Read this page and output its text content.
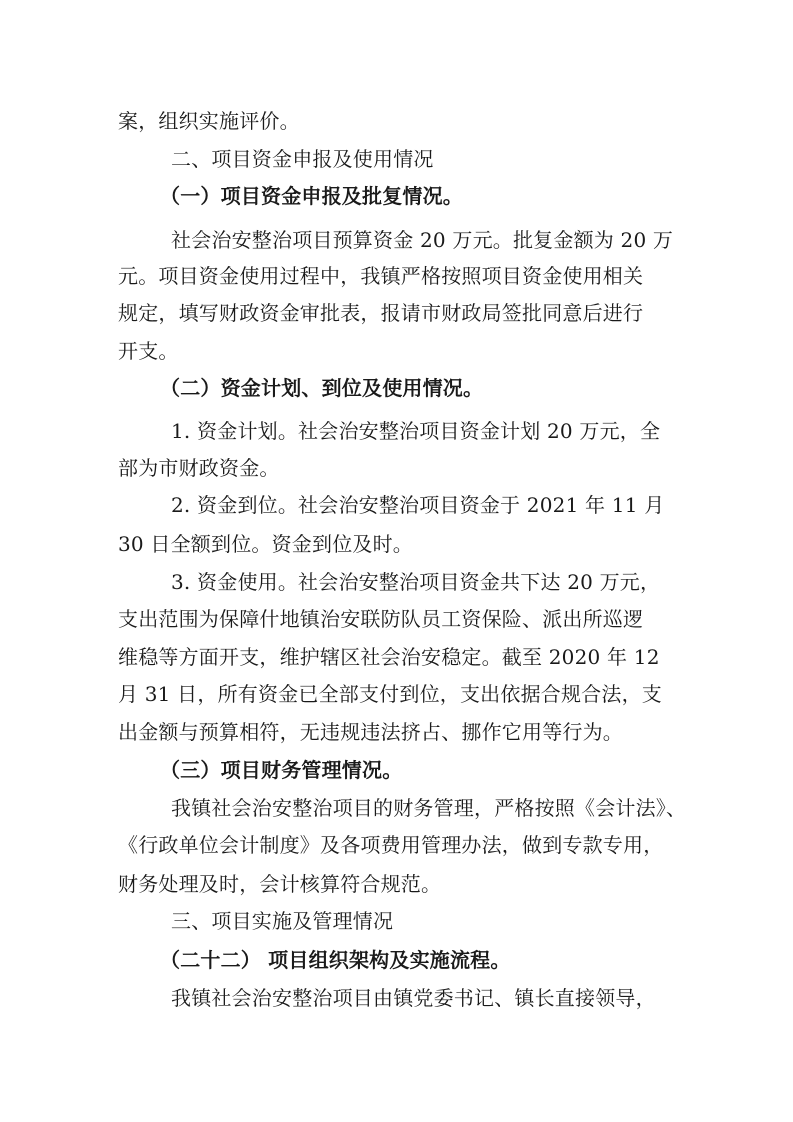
案，组织实施评价。
二、项目资金申报及使用情况
（一）项目资金申报及批复情况。
社会治安整治项目预算资金 20 万元。批复金额为 20 万
元。项目资金使用过程中，我镇严格按照项目资金使用相关
规定，填写财政资金审批表，报请市财政局签批同意后进行
开支。
（二）资金计划、到位及使用情况。
1. 资金计划。社会治安整治项目资金计划 20 万元，全
部为市财政资金。
2. 资金到位。社会治安整治项目资金于 2021 年 11 月
30 日全额到位。资金到位及时。
3. 资金使用。社会治安整治项目资金共下达 20 万元，
支出范围为保障什地镇治安联防队员工资保险、派出所巡逻
维稳等方面开支，维护辖区社会治安稳定。截至 2020 年 12
月 31 日，所有资金已全部支付到位，支出依据合规合法，支
出金额与预算相符，无违规违法挤占、挪作它用等行为。
（三）项目财务管理情况。
我镇社会治安整治项目的财务管理，严格按照《会计法》、
《行政单位会计制度》及各项费用管理办法，做到专款专用，
财务处理及时，会计核算符合规范。
三、项目实施及管理情况
（二十二） 项目组织架构及实施流程。
我镇社会治安整治项目由镇党委书记、镇长直接领导，
